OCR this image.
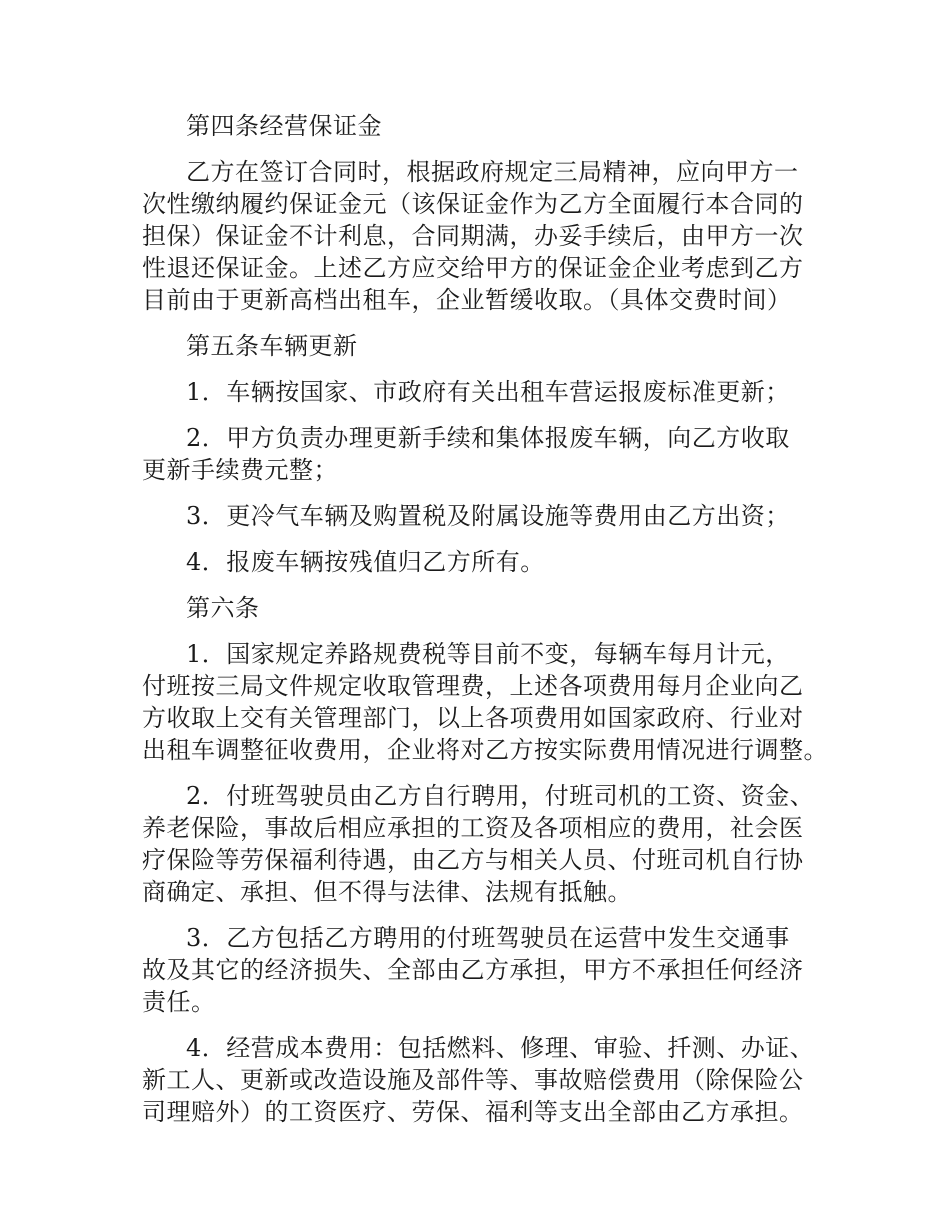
第四条经营保证金
乙方在签订合同时，根据政府规定三局精神，应向甲方一
次性缴纳履约保证金元（该保证金作为乙方全面履行本合同的
担保）保证金不计利息，合同期满，办妥手续后，由甲方一次
性退还保证金。上述乙方应交给甲方的保证金企业考虑到乙方
目前由于更新高档出租车，企业暂缓收取。（具体交费时间）
第五条车辆更新
1．车辆按国家、市政府有关出租车营运报废标准更新；
2．甲方负责办理更新手续和集体报废车辆，向乙方收取
更新手续费元整；
3．更冷气车辆及购置税及附属设施等费用由乙方出资；
4．报废车辆按残值归乙方所有。
第六条
1．国家规定养路规费税等目前不变，每辆车每月计元，
付班按三局文件规定收取管理费，上述各项费用每月企业向乙
方收取上交有关管理部门，以上各项费用如国家政府、行业对
出租车调整征收费用，企业将对乙方按实际费用情况进行调整。
2．付班驾驶员由乙方自行聘用，付班司机的工资、资金、
养老保险，事故后相应承担的工资及各项相应的费用，社会医
疗保险等劳保福利待遇，由乙方与相关人员、付班司机自行协
商确定、承担、但不得与法律、法规有抵触。
3．乙方包括乙方聘用的付班驾驶员在运营中发生交通事
故及其它的经济损失、全部由乙方承担，甲方不承担任何经济
责任。
4．经营成本费用：包括燃料、修理、审验、扦测、办证、
新工人、更新或改造设施及部件等、事故赔偿费用（除保险公
司理赔外）的工资医疗、劳保、福利等支出全部由乙方承担。
